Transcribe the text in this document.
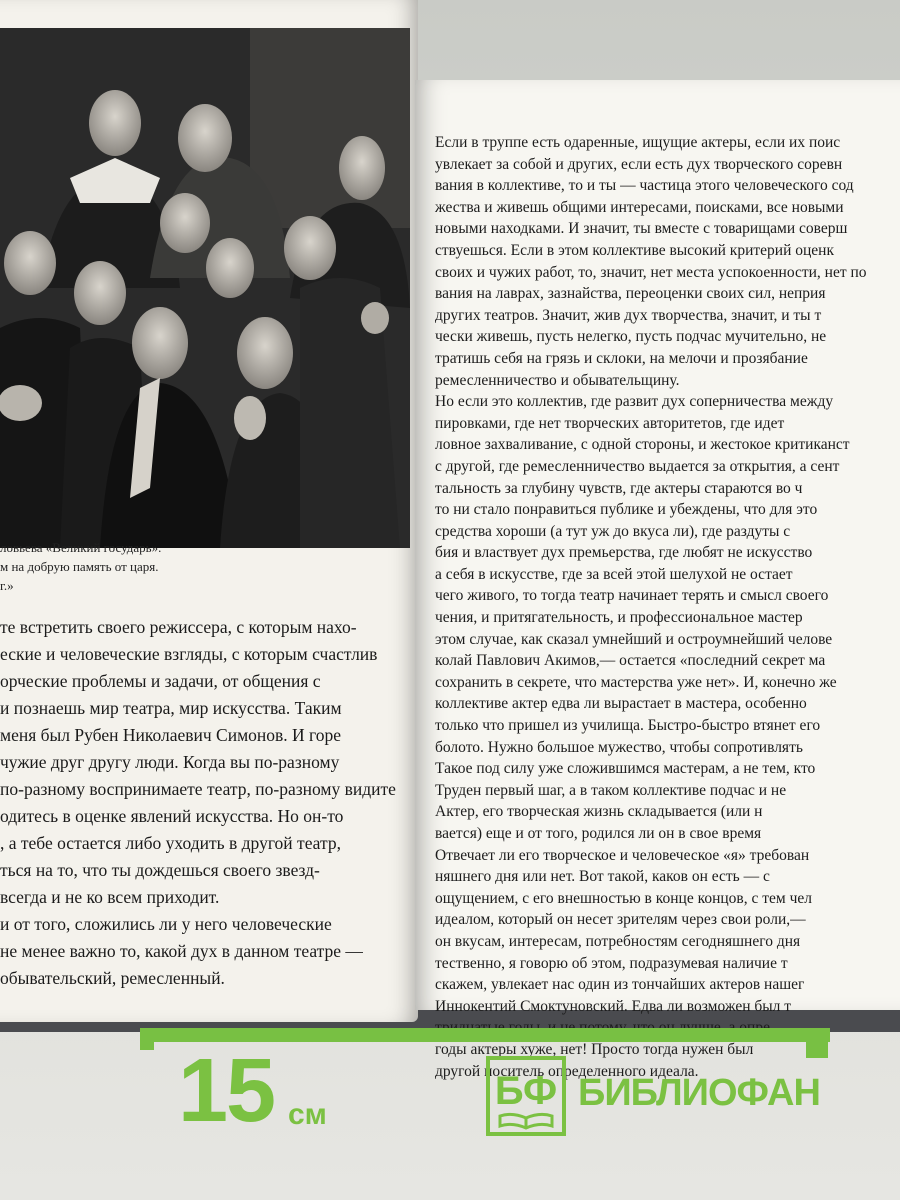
ловьева «Великий государь».
м на добрую память от царя.
г.»
те встретить своего режиссера, с которым нахо-
еские и человеческие взгляды, с которым счастлив
орческие проблемы и задачи, от общения с
и познаешь мир театра, мир искусства. Таким
меня был Рубен Николаевич Симонов. И горе
чужие друг другу люди. Когда вы по-разному
по-разному воспринимаете театр, по-разному видите
одитесь в оценке явлений искусства. Но он-то
, а тебе остается либо уходить в другой театр,
ться на то, что ты дождешься своего звезд-
всегда и не ко всем приходит.
и от того, сложились ли у него человеческие
не менее важно то, какой дух в данном театре —
обывательский, ремесленный.
Если в труппе есть одаренные, ищущие актеры, если их поис
увлекает за собой и других, если есть дух творческого соревн
вания в коллективе, то и ты — частица этого человеческого сод
жества и живешь общими интересами, поисками, все новыми
новыми находками. И значит, ты вместе с товарищами соверш
ствуешься. Если в этом коллективе высокий критерий оценк
своих и чужих работ, то, значит, нет места успокоенности, нет по
вания на лаврах, зазнайства, переоценки своих сил, неприя
других театров. Значит, жив дух творчества, значит, и ты т
чески живешь, пусть нелегко, пусть подчас мучительно, не
тратишь себя на грязь и склоки, на мелочи и прозябание
ремесленничество и обывательщину.
Но если это коллектив, где развит дух соперничества между
пировками, где нет творческих авторитетов, где идет
ловное захваливание, с одной стороны, и жестокое критиканст
с другой, где ремесленничество выдается за открытия, а сент
тальность за глубину чувств, где актеры стараются во ч
то ни стало понравиться публике и убеждены, что для это
средства хороши (а тут уж до вкуса ли), где раздуты с
бия и властвует дух премьерства, где любят не искусство
а себя в искусстве, где за всей этой шелухой не остает
чего живого, то тогда театр начинает терять и смысл своего
чения, и притягательность, и профессиональное мастер
этом случае, как сказал умнейший и остроумнейший челове
колай Павлович Акимов,— остается «последний секрет ма
сохранить в секрете, что мастерства уже нет». И, конечно же
коллективе актер едва ли вырастает в мастера, особенно
только что пришел из училища. Быстро-быстро втянет его
болото. Нужно большое мужество, чтобы сопротивлять
Такое под силу уже сложившимся мастерам, а не тем, кто
Труден первый шаг, а в таком коллективе подчас и не
Актер, его творческая жизнь складывается (или н
вается) еще и от того, родился ли он в свое время
Отвечает ли его творческое и человеческое «я» требован
няшнего дня или нет. Вот такой, каков он есть — с
ощущением, с его внешностью в конце концов, с тем чел
идеалом, который он несет зрителям через свои роли,—
он вкусам, интересам, потребностям сегодняшнего дня
тественно, я говорю об этом, подразумевая наличие т
скажем, увлекает нас один из тончайших актеров нашег
Иннокентий Смоктуновский. Едва ли возможен был т
тридцатые годы, и не потому, что он лучше, а опре
годы актеры хуже, нет! Просто тогда нужен был
другой носитель определенного идеала.
15 см
БФ БИБЛИОФАН
